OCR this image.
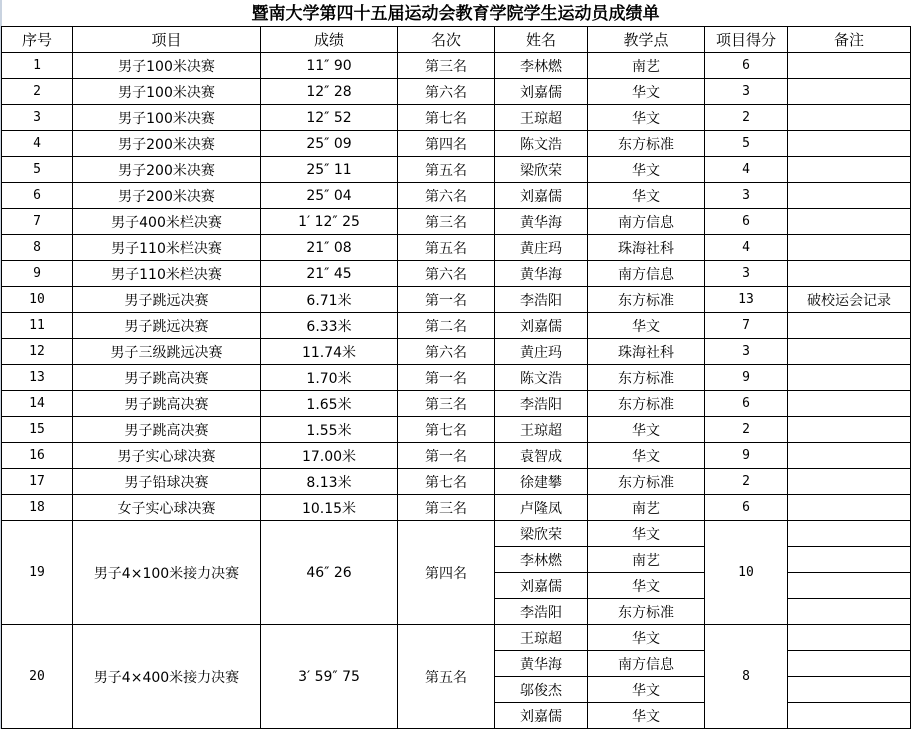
暨南大学第四十五届运动会教育学院学生运动员成绩单
序号	项目	成绩	名次	姓名	教学点	项目得分	备注
1	男子100米决赛	11″ 90	第三名	李林燃	南艺	6	
2	男子100米决赛	12″ 28	第六名	刘嘉儒	华文	3	
3	男子100米决赛	12″ 52	第七名	王琼超	华文	2	
4	男子200米决赛	25″ 09	第四名	陈文浩	东方标准	5	
5	男子200米决赛	25″ 11	第五名	梁欣荣	华文	4	
6	男子200米决赛	25″ 04	第六名	刘嘉儒	华文	3	
7	男子400米栏决赛	1′ 12″ 25	第三名	黄华海	南方信息	6	
8	男子110米栏决赛	21″ 08	第五名	黄庄玛	珠海社科	4	
9	男子110米栏决赛	21″ 45	第六名	黄华海	南方信息	3	
10	男子跳远决赛	6.71米	第一名	李浩阳	东方标准	13	破校运会记录
11	男子跳远决赛	6.33米	第二名	刘嘉儒	华文	7	
12	男子三级跳远决赛	11.74米	第六名	黄庄玛	珠海社科	3	
13	男子跳高决赛	1.70米	第一名	陈文浩	东方标准	9	
14	男子跳高决赛	1.65米	第三名	李浩阳	东方标准	6	
15	男子跳高决赛	1.55米	第七名	王琼超	华文	2	
16	男子实心球决赛	17.00米	第一名	袁智成	华文	9	
17	男子铅球决赛	8.13米	第七名	徐建攀	东方标准	2	
18	女子实心球决赛	10.15米	第三名	卢隆凤	南艺	6	
19	男子4×100米接力决赛	46″ 26	第四名	梁欣荣	华文	10	
				李林燃	南艺		
				刘嘉儒	华文		
				李浩阳	东方标准		
20	男子4×400米接力决赛	3′ 59″ 75	第五名	王琼超	华文	8	
				黄华海	南方信息		
				邬俊杰	华文		
				刘嘉儒	华文		
